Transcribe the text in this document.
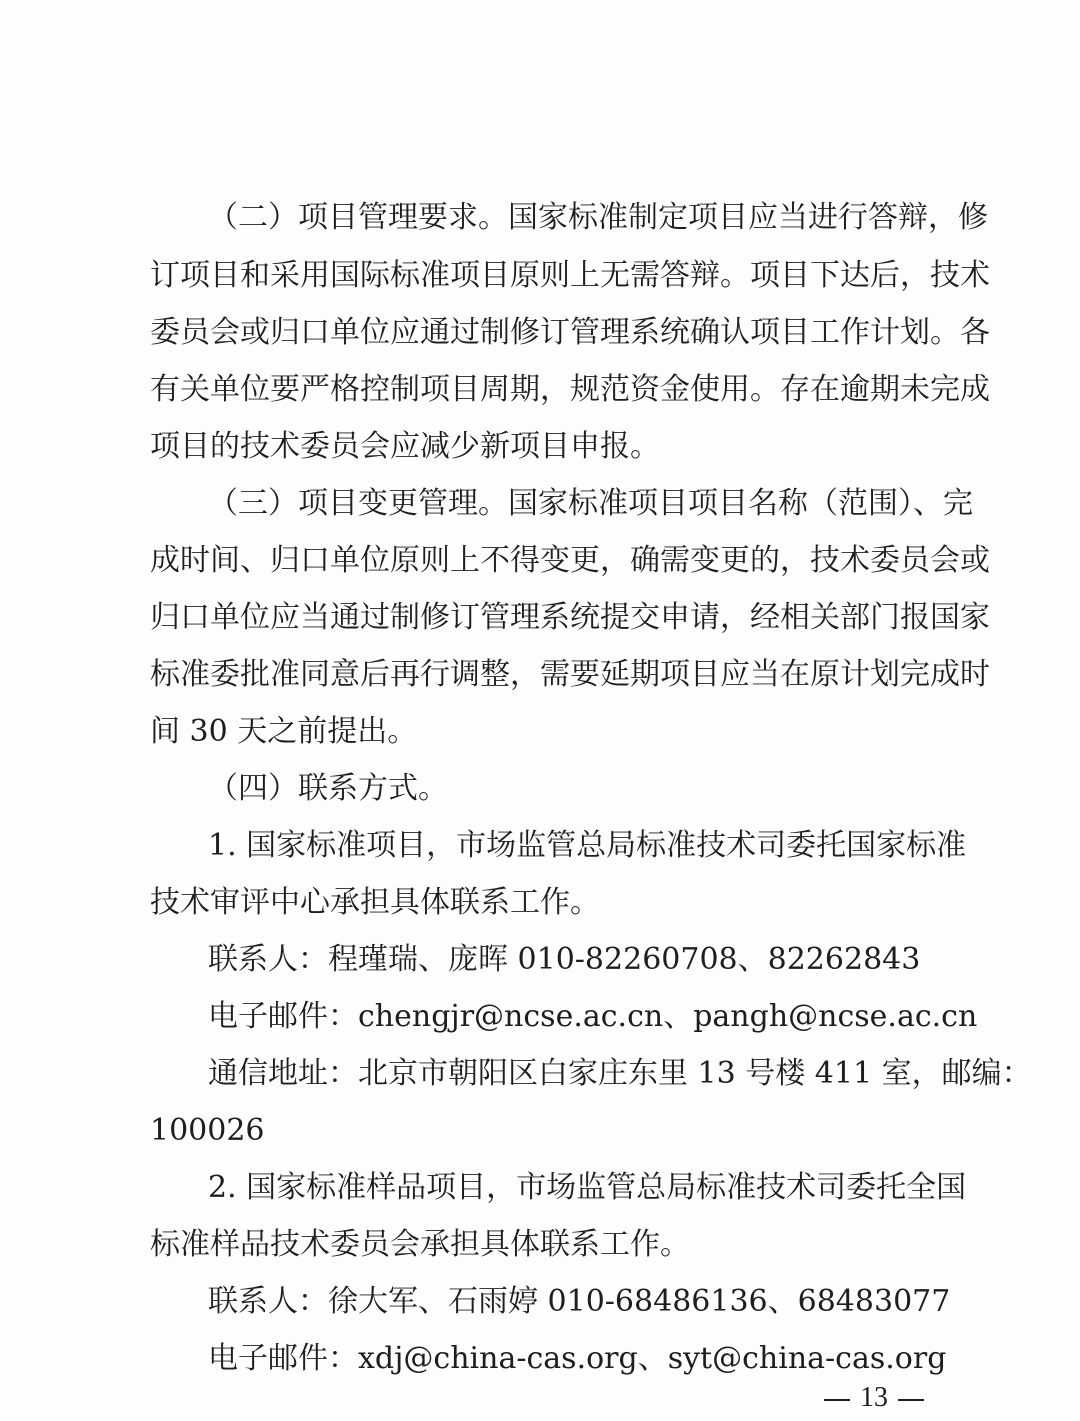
（二）项目管理要求。国家标准制定项目应当进行答辩，修
订项目和采用国际标准项目原则上无需答辩。项目下达后，技术
委员会或归口单位应通过制修订管理系统确认项目工作计划。各
有关单位要严格控制项目周期，规范资金使用。存在逾期未完成
项目的技术委员会应减少新项目申报。
（三）项目变更管理。国家标准项目项目名称（范围）、完
成时间、归口单位原则上不得变更，确需变更的，技术委员会或
归口单位应当通过制修订管理系统提交申请，经相关部门报国家
标准委批准同意后再行调整，需要延期项目应当在原计划完成时
间 30 天之前提出。
（四）联系方式。
1. 国家标准项目，市场监管总局标准技术司委托国家标准
技术审评中心承担具体联系工作。
联系人：程瑾瑞、庞晖 010-82260708、82262843
电子邮件：chengjr@ncse.ac.cn、pangh@ncse.ac.cn
通信地址：北京市朝阳区白家庄东里 13 号楼 411 室，邮编：
100026
2. 国家标准样品项目，市场监管总局标准技术司委托全国
标准样品技术委员会承担具体联系工作。
联系人：徐大军、石雨婷 010-68486136、68483077
电子邮件：xdj@china-cas.org、syt@china-cas.org
13
